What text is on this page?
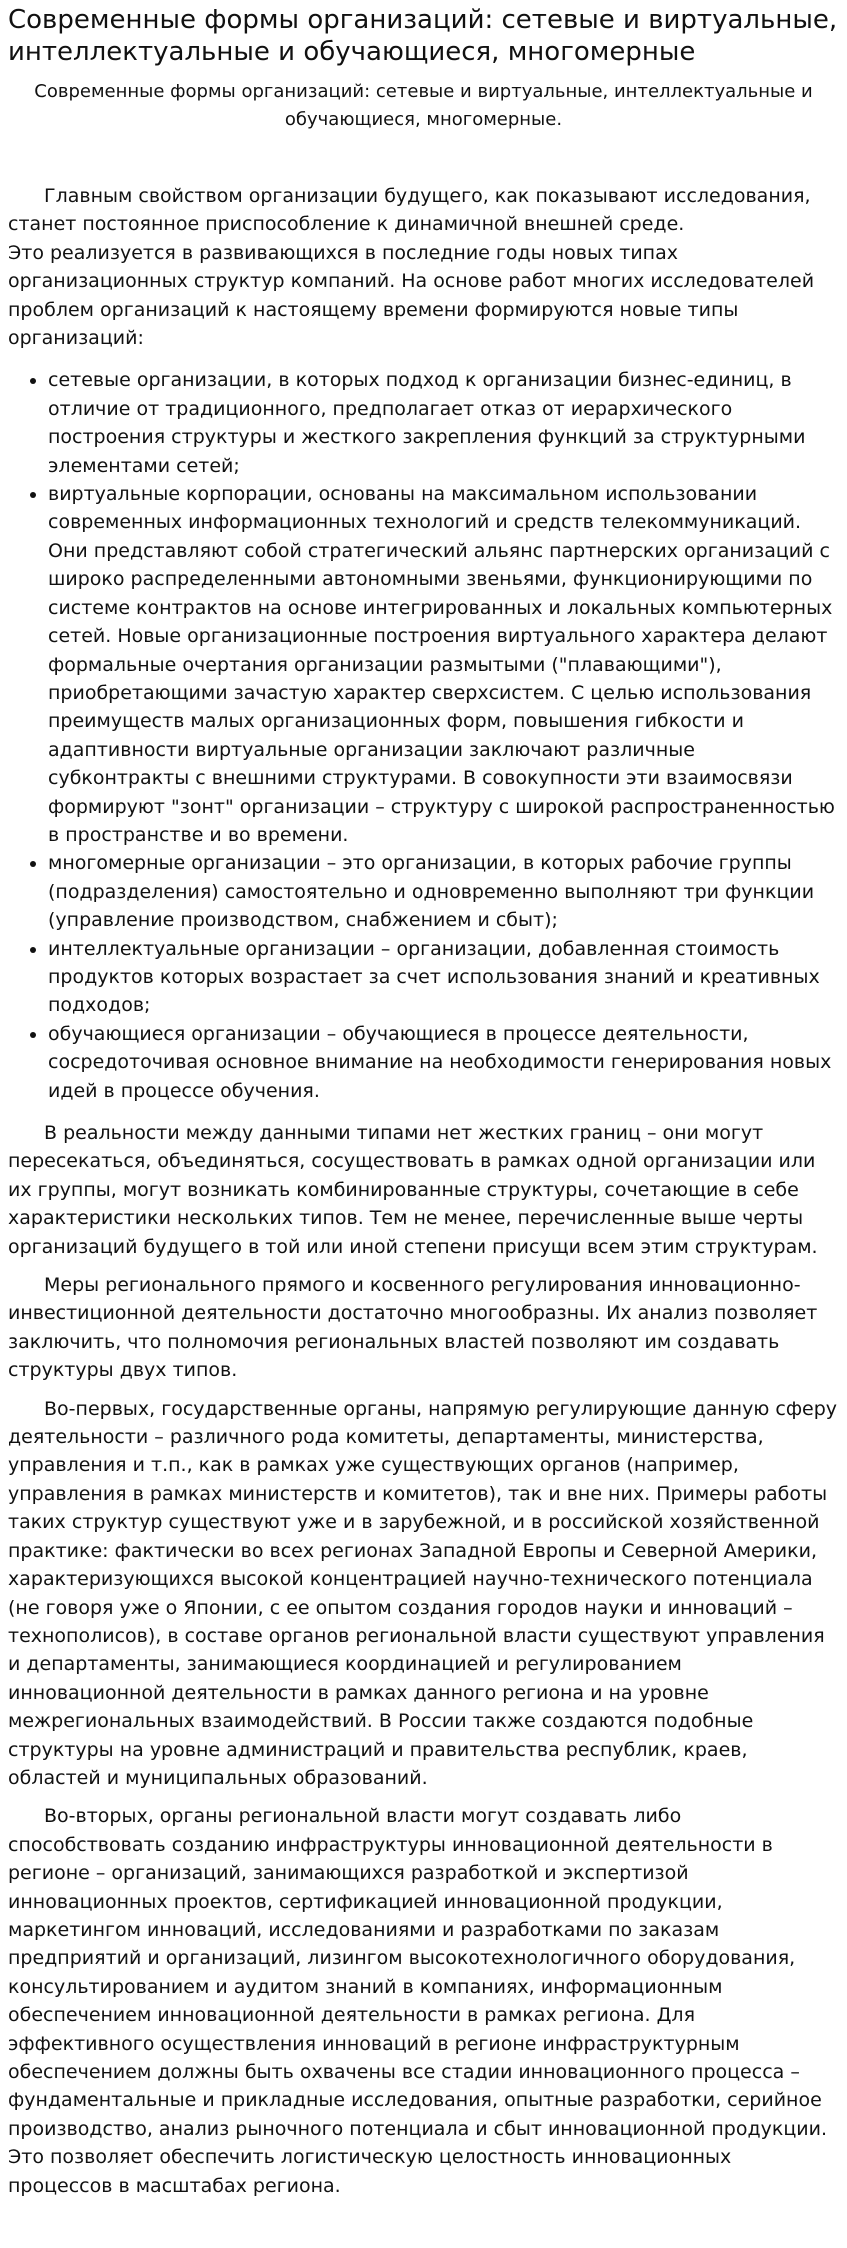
Современные формы организаций: сетевые и виртуальные, интеллектуальные и обучающиеся, многомерные

Современные формы организаций: сетевые и виртуальные, интеллектуальные и обучающиеся, многомерные.

Главным свойством организации будущего, как показывают исследования, станет постоянное приспособление к динамичной внешней среде.

Это реализуется в развивающихся в последние годы новых типах организационных структур компаний. На основе работ многих исследователей проблем организаций к настоящему времени формируются новые типы организаций:

• сетевые организации, в которых подход к организации бизнес-единиц, в отличие от традиционного, предполагает отказ от иерархического построения структуры и жесткого закрепления функций за структурными элементами сетей;
• виртуальные корпорации, основаны на максимальном использовании современных информационных технологий и средств телекоммуникаций. Они представляют собой стратегический альянс партнерских организаций с широко распределенными автономными звеньями, функционирующими по системе контрактов на основе интегрированных и локальных компьютерных сетей. Новые организационные построения виртуального характера делают формальные очертания организации размытыми ("плавающими"), приобретающими зачастую характер сверхсистем. С целью использования преимуществ малых организационных форм, повышения гибкости и адаптивности виртуальные организации заключают различные субконтракты с внешними структурами. В совокупности эти взаимосвязи формируют "зонт" организации – структуру с широкой распространенностью в пространстве и во времени.
• многомерные организации – это организации, в которых рабочие группы (подразделения) самостоятельно и одновременно выполняют три функции (управление производством, снабжением и сбыт);
• интеллектуальные организации – организации, добавленная стоимость продуктов которых возрастает за счет использования знаний и креативных подходов;
• обучающиеся организации – обучающиеся в процессе деятельности, сосредоточивая основное внимание на необходимости генерирования новых идей в процессе обучения.

В реальности между данными типами нет жестких границ – они могут пересекаться, объединяться, сосуществовать в рамках одной организации или их группы, могут возникать комбинированные структуры, сочетающие в себе характеристики нескольких типов. Тем не менее, перечисленные выше черты организаций будущего в той или иной степени присущи всем этим структурам.

Меры регионального прямого и косвенного регулирования инновационно-инвестиционной деятельности достаточно многообразны. Их анализ позволяет заключить, что полномочия региональных властей позволяют им создавать структуры двух типов.

Во-первых, государственные органы, напрямую регулирующие данную сферу деятельности – различного рода комитеты, департаменты, министерства, управления и т.п., как в рамках уже существующих органов (например, управления в рамках министерств и комитетов), так и вне них. Примеры работы таких структур существуют уже и в зарубежной, и в российской хозяйственной практике: фактически во всех регионах Западной Европы и Северной Америки, характеризующихся высокой концентрацией научно-технического потенциала (не говоря уже о Японии, с ее опытом создания городов науки и инноваций – технополисов), в составе органов региональной власти существуют управления и департаменты, занимающиеся координацией и регулированием инновационной деятельности в рамках данного региона и на уровне межрегиональных взаимодействий. В России также создаются подобные структуры на уровне администраций и правительства республик, краев, областей и муниципальных образований.

Во-вторых, органы региональной власти могут создавать либо способствовать созданию инфраструктуры инновационной деятельности в регионе – организаций, занимающихся разработкой и экспертизой инновационных проектов, сертификацией инновационной продукции, маркетингом инноваций, исследованиями и разработками по заказам предприятий и организаций, лизингом высокотехнологичного оборудования, консультированием и аудитом знаний в компаниях, информационным обеспечением инновационной деятельности в рамках региона. Для эффективного осуществления инноваций в регионе инфраструктурным обеспечением должны быть охвачены все стадии инновационного процесса – фундаментальные и прикладные исследования, опытные разработки, серийное производство, анализ рыночного потенциала и сбыт инновационной продукции. Это позволяет обеспечить логистическую целостность инновационных процессов в масштабах региона.
